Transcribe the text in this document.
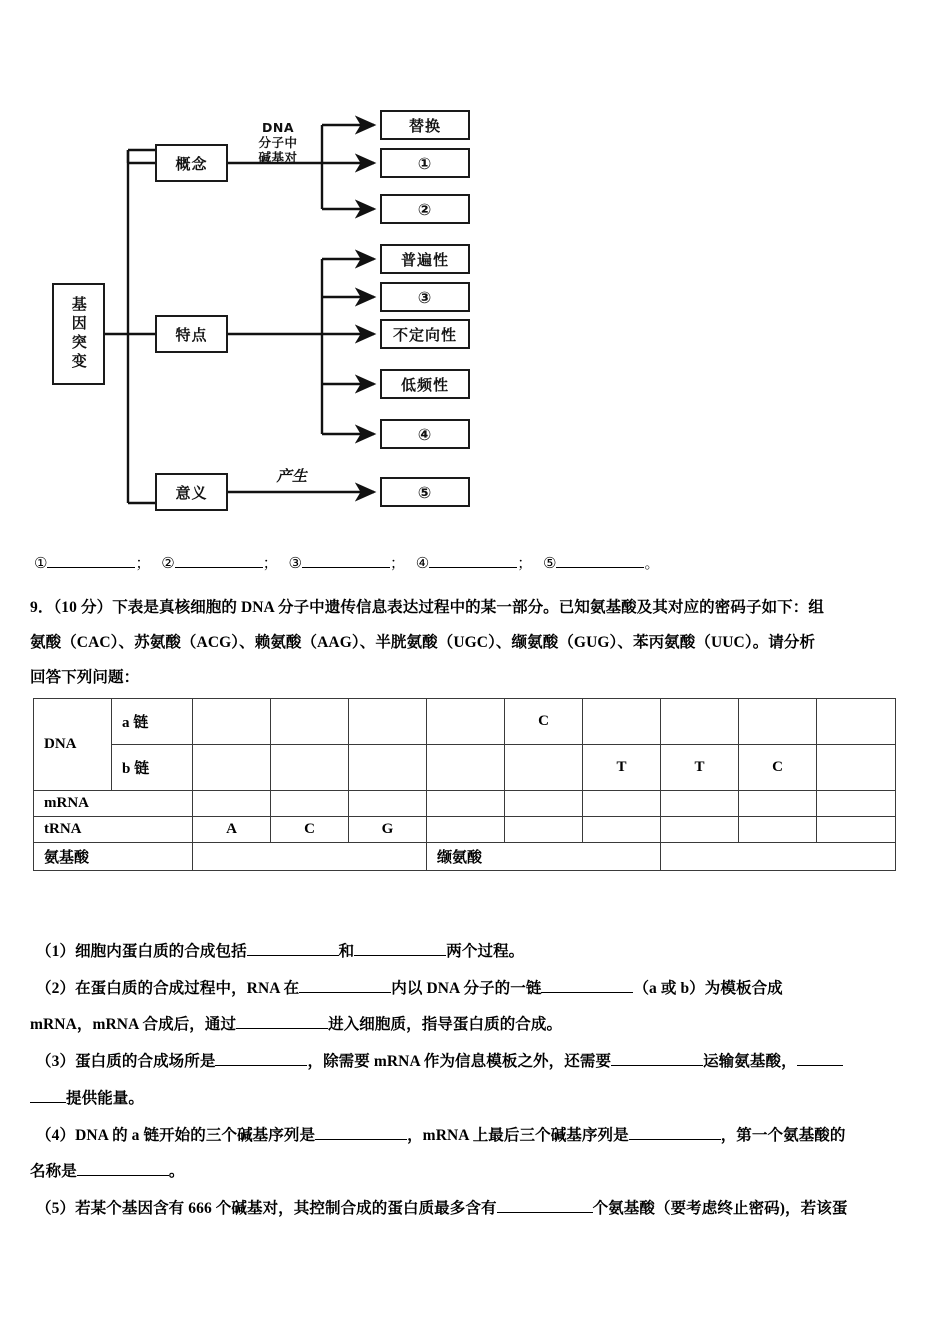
基因突变
概念
特点
意义
DNA
分子中
碱基对
产生
替换
①
②
普遍性
③
不定向性
低频性
④
⑤
①	； ②	； ③	； ④	； ⑤	。
9．（10 分）下表是真核细胞的 DNA 分子中遗传信息表达过程中的某一部分。已知氨基酸及其对应的密码子如下：组
氨酸（CAC）、苏氨酸（ACG）、赖氨酸（AAG）、半胱氨酸（UGC）、缬氨酸（GUG）、苯丙氨酸（UUC）。请分析
回答下列问题：
DNA	a 链					C				
	b 链						T	T	C	
mRNA										
tRNA		A	C	G						
氨基酸					缬氨酸					
（1）细胞内蛋白质的合成包括	和	两个过程。
（2）在蛋白质的合成过程中，RNA 在	内以 DNA 分子的一链	（a 或 b）为模板合成
mRNA，mRNA 合成后，通过	进入细胞质，指导蛋白质的合成。
（3）蛋白质的合成场所是	，除需要 mRNA 作为信息模板之外，还需要	运输氨基酸，
提供能量。
（4）DNA 的 a 链开始的三个碱基序列是	，mRNA 上最后三个碱基序列是	，第一个氨基酸的
名称是	。
（5）若某个基因含有 666 个碱基对，其控制合成的蛋白质最多含有	个氨基酸（要考虑终止密码)，若该蛋
